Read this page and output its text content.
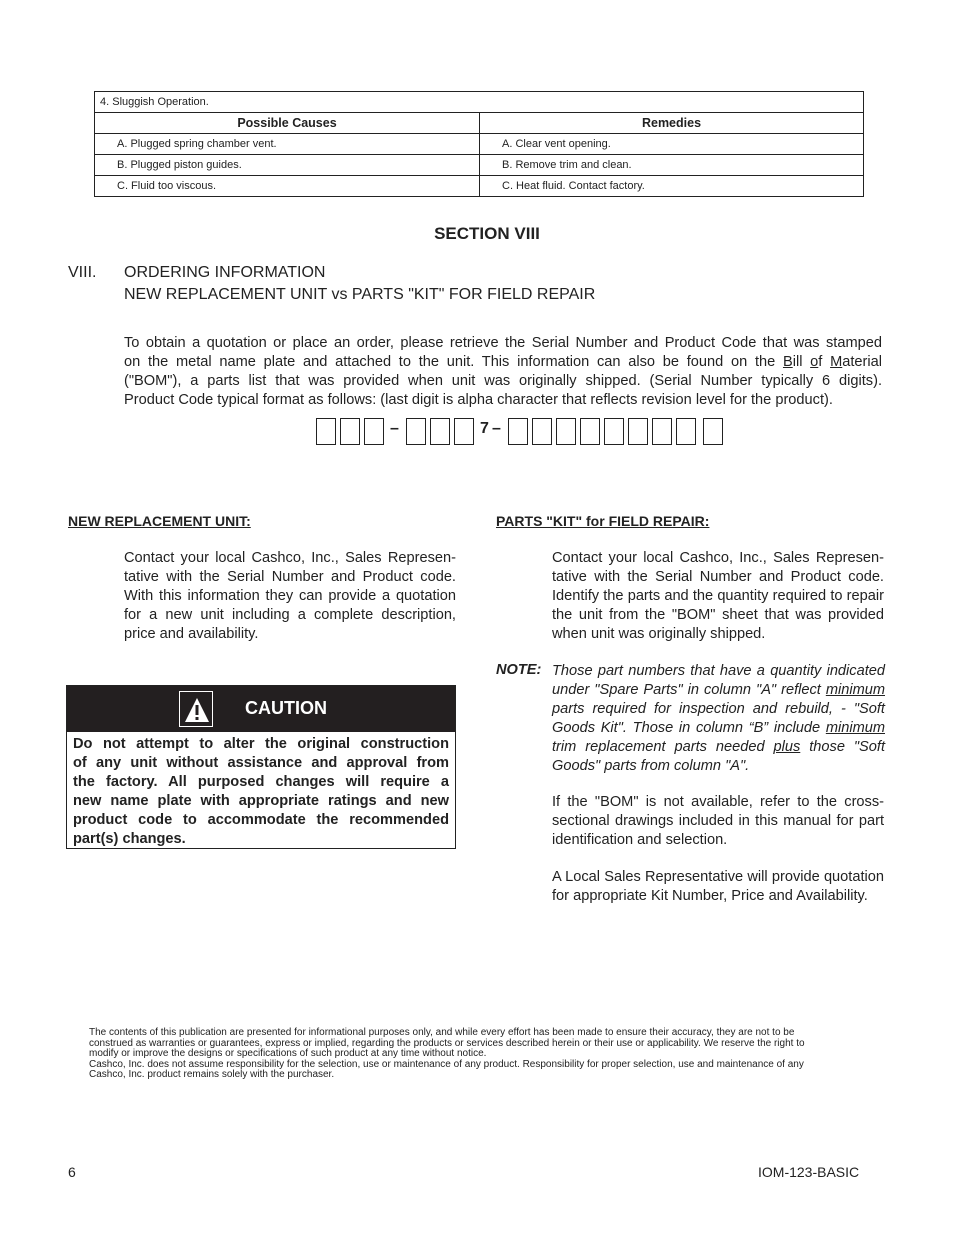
4. Sluggish Operation.	
Possible Causes	Remedies
A. Plugged spring chamber vent.	A. Clear vent opening.
B. Plugged piston guides.	B. Remove trim and clean.
C. Fluid too viscous.	C. Heat fluid. Contact factory.
SECTION VIII
VIII. ORDERING INFORMATION
NEW REPLACEMENT UNIT vs PARTS "KIT" FOR FIELD REPAIR
To obtain a quotation or place an order, please retrieve the Serial Number and Product Code that was stamped
on the metal name plate and attached to the unit. This information can also be found on the Bill of Material
("BOM"), a parts list that was provided when unit was originally shipped. (Serial Number typically 6 digits).
Product Code typical format as follows: (last digit is alpha character that reflects revision level for the product).
–	7 –
NEW REPLACEMENT UNIT:
Contact your local Cashco, Inc., Sales Represen-
tative with the Serial Number and Product code.
With this information they can provide a quotation
for a new unit including a complete description,
price and availability.
CAUTION
Do not attempt to alter the original construction
of any unit without assistance and approval from
the factory. All purposed changes will require a
new name plate with appropriate ratings and new
product code to accommodate the recommended
part(s) changes.
PARTS "KIT" for FIELD REPAIR:
Contact your local Cashco, Inc., Sales Represen-
tative with the Serial Number and Product code.
Identify the parts and the quantity required to repair
the unit from the "BOM" sheet that was provided
when unit was originally shipped.
NOTE: Those part numbers that have a quantity indicated
under "Spare Parts" in column "A" reflect minimum
parts required for inspection and rebuild, - "Soft
Goods Kit". Those in column “B” include minimum
trim replacement parts needed plus those "Soft
Goods" parts from column "A".
If the "BOM" is not available, refer to the cross-
sectional drawings included in this manual for part
identification and selection.
A Local Sales Representative will provide quotation
for appropriate Kit Number, Price and Availability.
The contents of this publication are presented for informational purposes only, and while every effort has been made to ensure their accuracy, they are not to be
construed as warranties or guarantees, express or implied, regarding the products or services described herein or their use or applicability. We reserve the right to
modify or improve the designs or specifications of such product at any time without notice.
Cashco, Inc. does not assume responsibility for the selection, use or maintenance of any product. Responsibility for proper selection, use and maintenance of any
Cashco, Inc. product remains solely with the purchaser.
6	IOM-123-BASIC
